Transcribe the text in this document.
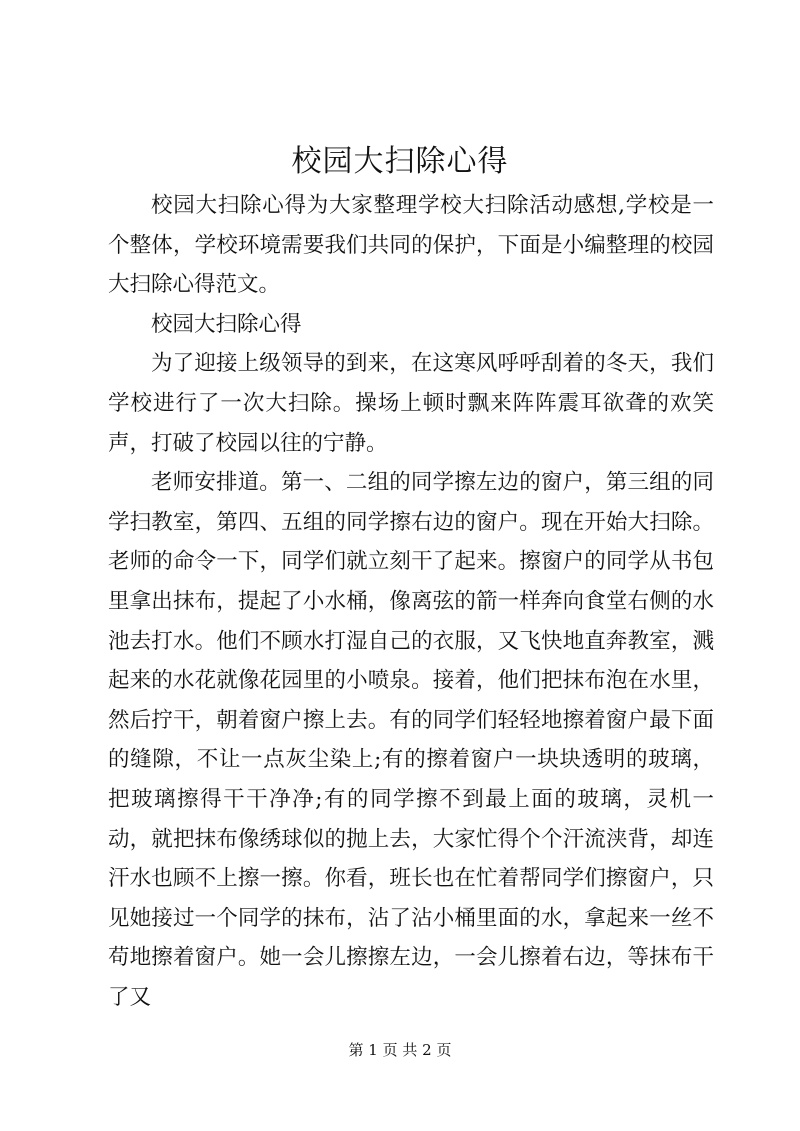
校园大扫除心得

校园大扫除心得为大家整理学校大扫除活动感想,学校是一个整体，学校环境需要我们共同的保护，下面是小编整理的校园大扫除心得范文。

校园大扫除心得

为了迎接上级领导的到来，在这寒风呼呼刮着的冬天，我们学校进行了一次大扫除。操场上顿时飘来阵阵震耳欲聋的欢笑声，打破了校园以往的宁静。

老师安排道。第一、二组的同学擦左边的窗户，第三组的同学扫教室，第四、五组的同学擦右边的窗户。现在开始大扫除。老师的命令一下，同学们就立刻干了起来。擦窗户的同学从书包里拿出抹布，提起了小水桶，像离弦的箭一样奔向食堂右侧的水池去打水。他们不顾水打湿自己的衣服，又飞快地直奔教室，溅起来的水花就像花园里的小喷泉。接着，他们把抹布泡在水里，然后拧干，朝着窗户擦上去。有的同学们轻轻地擦着窗户最下面的缝隙，不让一点灰尘染上;有的擦着窗户一块块透明的玻璃，把玻璃擦得干干净净;有的同学擦不到最上面的玻璃，灵机一动，就把抹布像绣球似的抛上去，大家忙得个个汗流浃背，却连汗水也顾不上擦一擦。你看，班长也在忙着帮同学们擦窗户，只见她接过一个同学的抹布，沾了沾小桶里面的水，拿起来一丝不苟地擦着窗户。她一会儿擦擦左边，一会儿擦着右边，等抹布干了又

第 1 页 共 2 页
